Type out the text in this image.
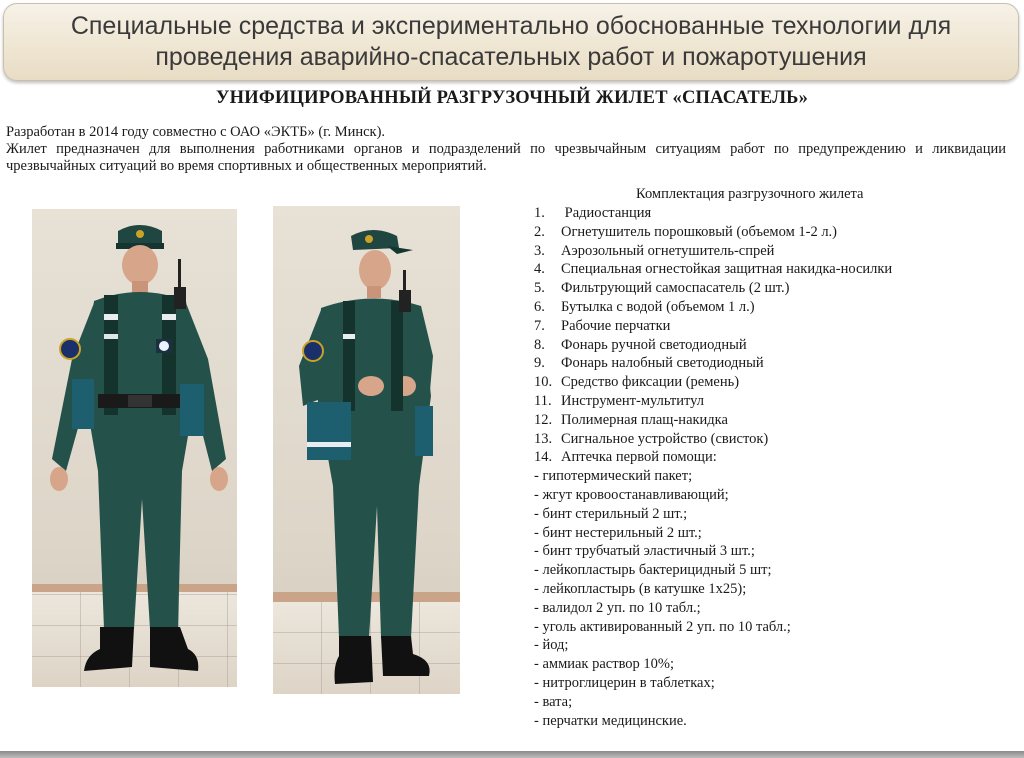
Специальные средства и экспериментально обоснованные технологии для
проведения аварийно-спасательных работ и пожаротушения
УНИФИЦИРОВАННЫЙ РАЗГРУЗОЧНЫЙ ЖИЛЕТ «СПАСАТЕЛЬ»

Разработан в 2014 году совместно с ОАО «ЭКТБ» (г. Минск).

Жилет предназначен для выполнения работниками органов и подразделений по чрезвычайным ситуациям работ по предупреждению и ликвидации чрезвычайных ситуаций во время спортивных и общественных мероприятий.

Комплектация разгрузочного жилета
1. Радиостанция
2. Огнетушитель порошковый (объемом 1-2 л.)
3. Аэрозольный огнетушитель-спрей
4. Специальная огнестойкая защитная накидка-носилки
5. Фильтрующий самоспасатель (2 шт.)
6. Бутылка с водой (объемом 1 л.)
7. Рабочие перчатки
8. Фонарь ручной светодиодный
9. Фонарь налобный светодиодный
10. Средство фиксации (ремень)
11. Инструмент-мультитул
12. Полимерная плащ-накидка
13. Сигнальное устройство (свисток)
14. Аптечка первой помощи:
- гипотермический пакет;
- жгут кровоостанавливающий;
- бинт стерильный 2 шт.;
- бинт нестерильный 2 шт.;
- бинт трубчатый эластичный 3 шт.;
- лейкопластырь бактерицидный 5 шт;
- лейкопластырь (в катушке 1х25);
- валидол 2 уп. по 10 табл.;
- уголь активированный 2 уп. по 10 табл.;
- йод;
- аммиак раствор 10%;
- нитроглицерин в таблетках;
- вата;
- перчатки медицинские.
